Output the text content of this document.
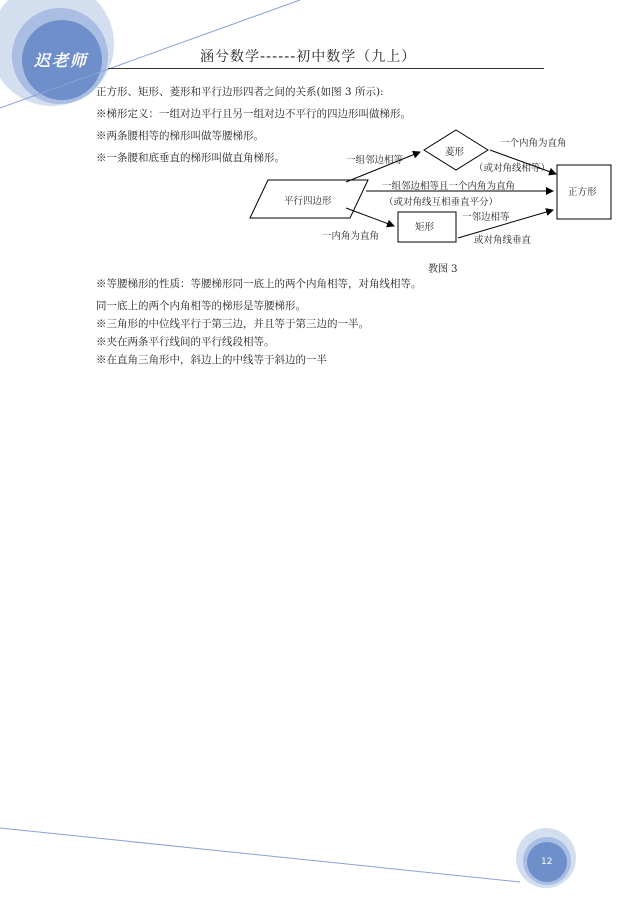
迟老师	涵兮数学------初中数学（九上）
正方形、矩形、菱形和平行边形四者之间的关系(如图 3 所示):
※梯形定义：一组对边平行且另一组对边不平行的四边形叫做梯形。
※两条腰相等的梯形叫做等腰梯形。
※一条腰和底垂直的梯形叫做直角梯形。
平行四边形
菱形
矩形
正方形
一组邻边相等
一个内角为直角
（或对角线相等）
一组邻边相等且一个内角为直角
（或对角线互相垂直平分）
一内角为直角
一邻边相等
或对角线垂直
教图 3
※等腰梯形的性质：等腰梯形同一底上的两个内角相等，对角线相等。
同一底上的两个内角相等的梯形是等腰梯形。
※三角形的中位线平行于第三边，并且等于第三边的一半。
※夹在两条平行线间的平行线段相等。
※在直角三角形中，斜边上的中线等于斜边的一半
12
